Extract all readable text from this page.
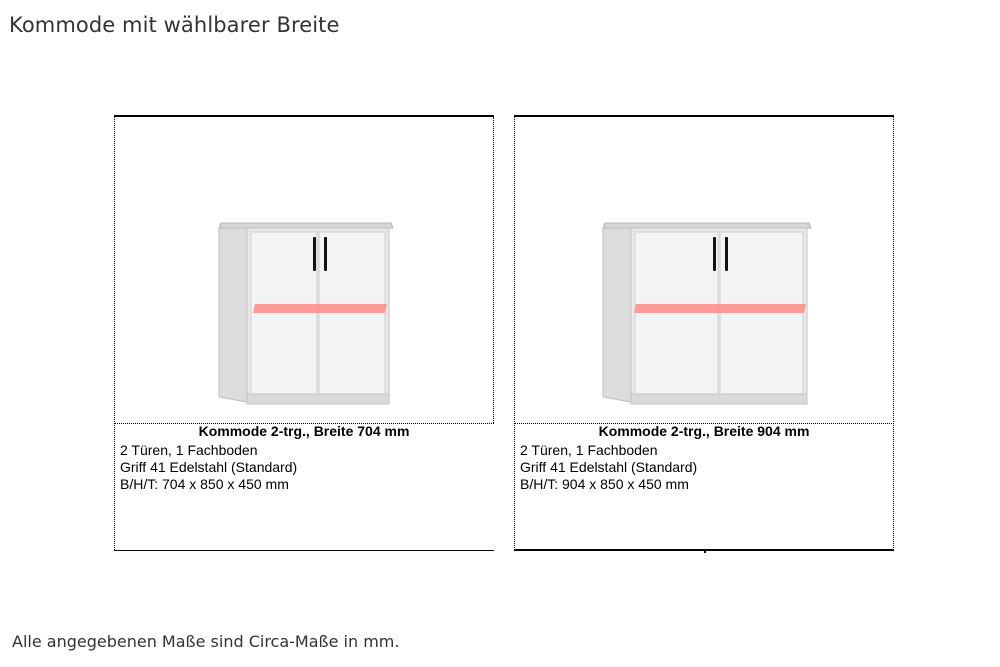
Kommode mit wählbarer Breite
Kommode 2-trg., Breite 704 mm
2 Türen, 1 Fachboden
Griff 41 Edelstahl (Standard)
B/H/T: 704 x 850 x 450 mm
Kommode 2-trg., Breite 904 mm
2 Türen, 1 Fachboden
Griff 41 Edelstahl (Standard)
B/H/T: 904 x 850 x 450 mm

Alle angegebenen Maße sind Circa-Maße in mm.
